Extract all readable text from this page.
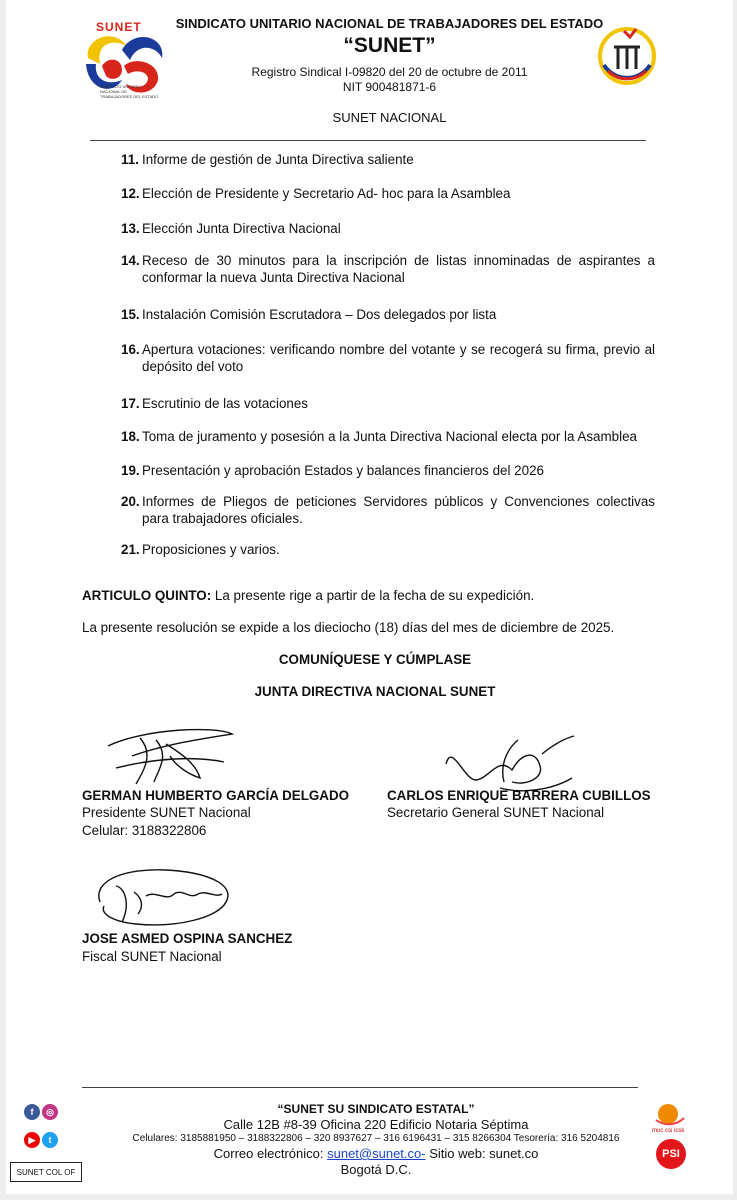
SUNET
SINDICATO UNITARIO NACIONAL DE TRABAJADORES DEL ESTADO
SINDICATO UNITARIO NACIONAL DE TRABAJADORES DEL ESTADO
“SUNET”
Registro Sindical I-09820 del 20 de octubre de 2011
NIT 900481871-6
SUNET NACIONAL
ARTICULO QUINTO: La presente rige a partir de la fecha de su expedición.
La presente resolución se expide a los dieciocho (18) días del mes de diciembre de 2025.
COMUNÍQUESE Y CÚMPLASE
JUNTA DIRECTIVA NACIONAL SUNET
GERMAN HUMBERTO GARCÍA DELGADO
Presidente SUNET Nacional
Celular: 3188322806
CARLOS ENRIQUE BARRERA CUBILLOS
Secretario General SUNET Nacional
JOSE ASMED OSPINA SANCHEZ
Fiscal SUNET Nacional
“SUNET SU SINDICATO ESTATAL”
Calle 12B #8-39 Oficina 220 Edificio Notaria Séptima
Celulares: 3185881950 – 3188322806 – 320 8937627 – 316 6196431 – 315 8266304 Tesorería: 316 5204816
Correo electrónico: sunet@sunet.co- Sitio web: sunet.co
Bogotá D.C.
f	◎
▶	t
SUNET COL OF
muc csi icsk
PSI
11. Informe de gestión de Junta Directiva saliente
12. Elección de Presidente y Secretario Ad- hoc para la Asamblea
13. Elección Junta Directiva Nacional
14. Receso de 30 minutos para la inscripción de listas innominadas de aspirantes a conformar la nueva Junta Directiva Nacional
15. Instalación Comisión Escrutadora – Dos delegados por lista
16. Apertura votaciones: verificando nombre del votante y se recogerá su firma, previo al depósito del voto
17. Escrutinio de las votaciones
18. Toma de juramento y posesión a la Junta Directiva Nacional electa por la Asamblea
19. Presentación y aprobación Estados y balances financieros del 2026
20. Informes de Pliegos de peticiones Servidores públicos y Convenciones colectivas para trabajadores oficiales.
21. Proposiciones y varios.
